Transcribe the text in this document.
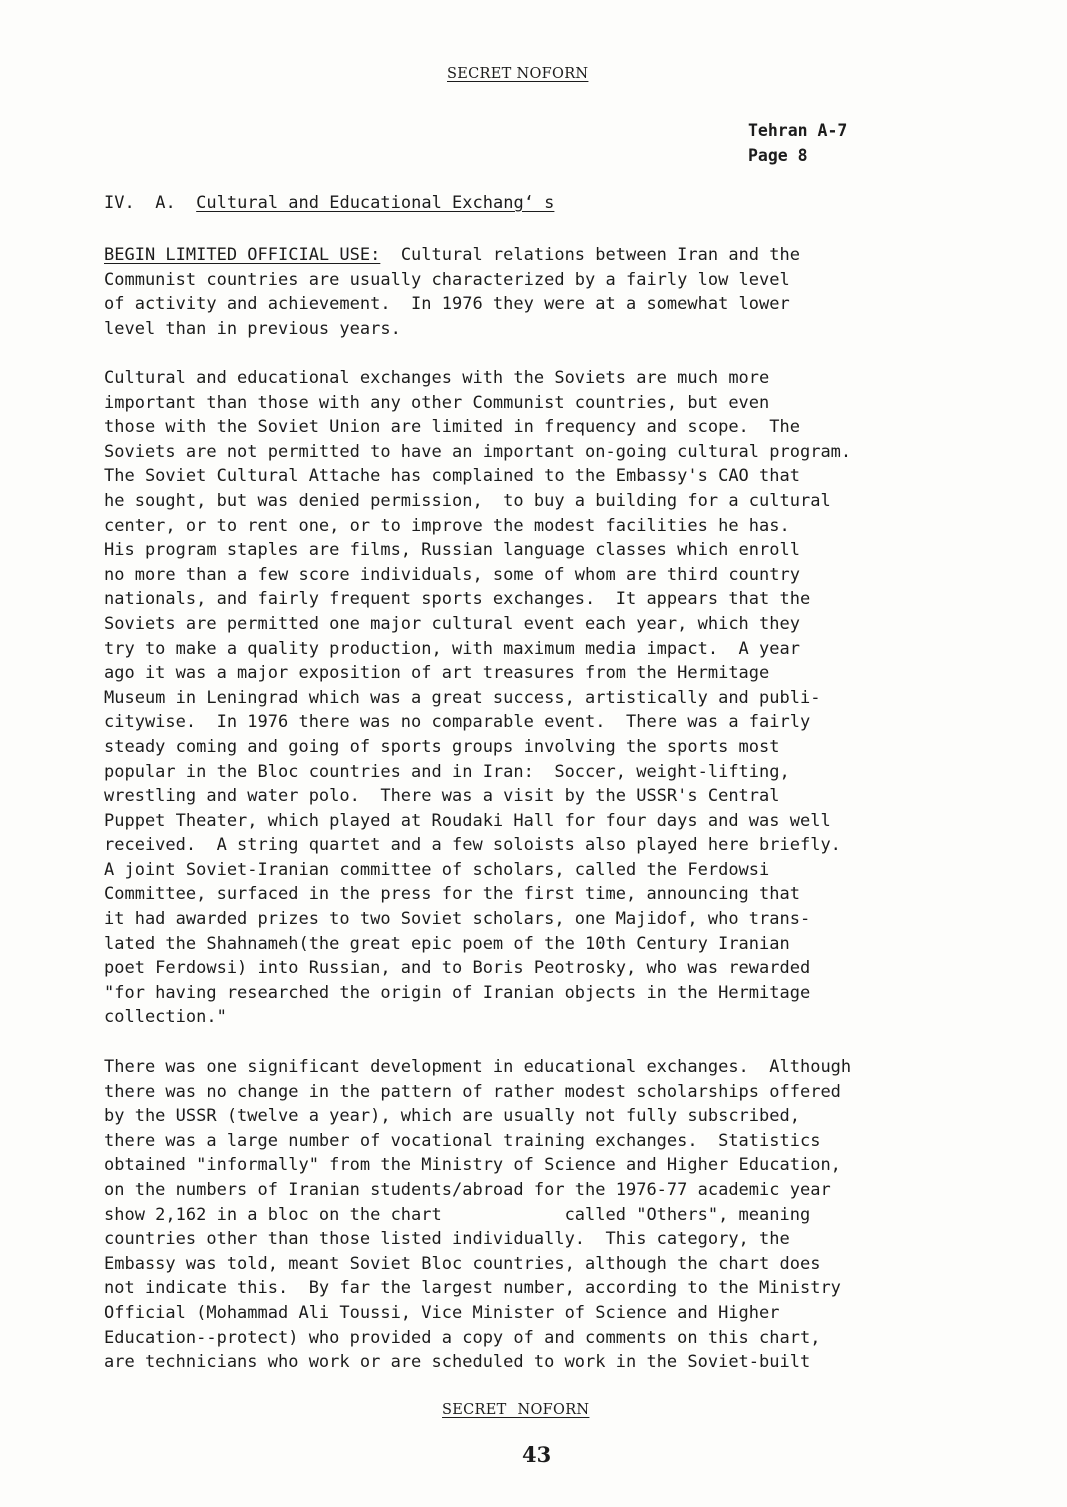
SECRET NOFORN
Tehran A-7
Page 8
IV. A. Cultural and Educational Exchang‘ s
BEGIN LIMITED OFFICIAL USE:  Cultural relations between Iran and the
Communist countries are usually characterized by a fairly low level
of activity and achievement.  In 1976 they were at a somewhat lower
level than in previous years.
Cultural and educational exchanges with the Soviets are much more
important than those with any other Communist countries, but even
those with the Soviet Union are limited in frequency and scope.  The
Soviets are not permitted to have an important on-going cultural program.
The Soviet Cultural Attache has complained to the Embassy's CAO that
he sought, but was denied permission,  to buy a building for a cultural
center, or to rent one, or to improve the modest facilities he has.
His program staples are films, Russian language classes which enroll
no more than a few score individuals, some of whom are third country
nationals, and fairly frequent sports exchanges.  It appears that the
Soviets are permitted one major cultural event each year, which they
try to make a quality production, with maximum media impact.  A year
ago it was a major exposition of art treasures from the Hermitage
Museum in Leningrad which was a great success, artistically and publi-
citywise.  In 1976 there was no comparable event.  There was a fairly
steady coming and going of sports groups involving the sports most
popular in the Bloc countries and in Iran:  Soccer, weight-lifting,
wrestling and water polo.  There was a visit by the USSR's Central
Puppet Theater, which played at Roudaki Hall for four days and was well
received.  A string quartet and a few soloists also played here briefly.
A joint Soviet-Iranian committee of scholars, called the Ferdowsi
Committee, surfaced in the press for the first time, announcing that
it had awarded prizes to two Soviet scholars, one Majidof, who trans-
lated the Shahnameh(the great epic poem of the 10th Century Iranian
poet Ferdowsi) into Russian, and to Boris Peotrosky, who was rewarded
"for having researched the origin of Iranian objects in the Hermitage
collection."
There was one significant development in educational exchanges.  Although
there was no change in the pattern of rather modest scholarships offered
by the USSR (twelve a year), which are usually not fully subscribed,
there was a large number of vocational training exchanges.  Statistics
obtained "informally" from the Ministry of Science and Higher Education,
on the numbers of Iranian students/abroad for the 1976-77 academic year
show 2,162 in a bloc on the chart            called "Others", meaning
countries other than those listed individually.  This category, the
Embassy was told, meant Soviet Bloc countries, although the chart does
not indicate this.  By far the largest number, according to the Ministry
Official (Mohammad Ali Toussi, Vice Minister of Science and Higher
Education--protect) who provided a copy of and comments on this chart,
are technicians who work or are scheduled to work in the Soviet-built
SECRET NOFORN
43
